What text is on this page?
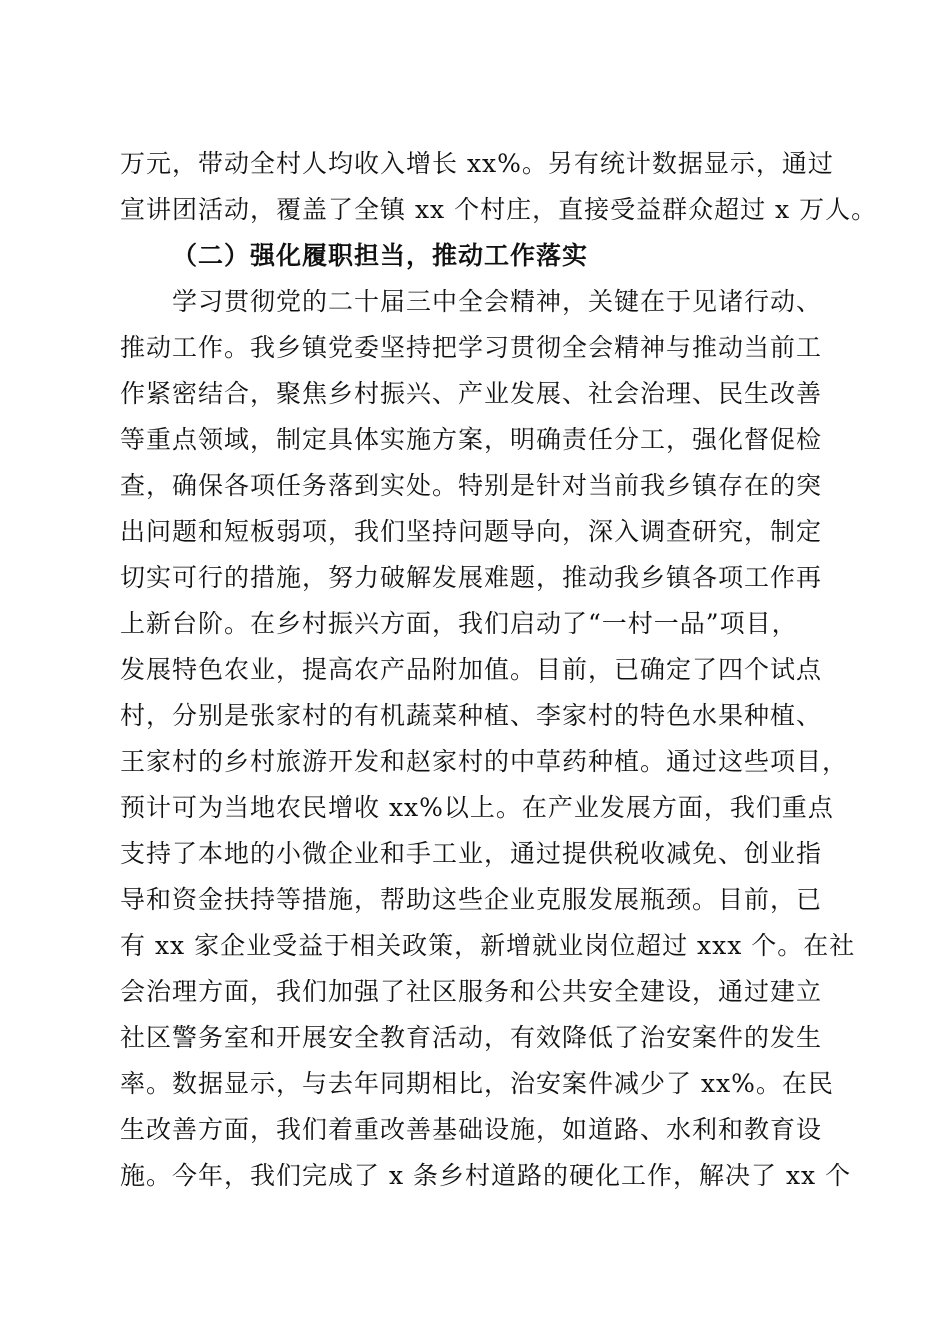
万元，带动全村人均收入增长 xx%。另有统计数据显示，通过
宣讲团活动，覆盖了全镇 xx 个村庄，直接受益群众超过 x 万人。
（二）强化履职担当，推动工作落实
学习贯彻党的二十届三中全会精神，关键在于见诸行动、
推动工作。我乡镇党委坚持把学习贯彻全会精神与推动当前工
作紧密结合，聚焦乡村振兴、产业发展、社会治理、民生改善
等重点领域，制定具体实施方案，明确责任分工，强化督促检
查，确保各项任务落到实处。特别是针对当前我乡镇存在的突
出问题和短板弱项，我们坚持问题导向，深入调查研究，制定
切实可行的措施，努力破解发展难题，推动我乡镇各项工作再
上新台阶。在乡村振兴方面，我们启动了“一村一品”项目，
发展特色农业，提高农产品附加值。目前，已确定了四个试点
村，分别是张家村的有机蔬菜种植、李家村的特色水果种植、
王家村的乡村旅游开发和赵家村的中草药种植。通过这些项目，
预计可为当地农民增收 xx%以上。在产业发展方面，我们重点
支持了本地的小微企业和手工业，通过提供税收减免、创业指
导和资金扶持等措施，帮助这些企业克服发展瓶颈。目前，已
有 xx 家企业受益于相关政策，新增就业岗位超过 xxx 个。在社
会治理方面，我们加强了社区服务和公共安全建设，通过建立
社区警务室和开展安全教育活动，有效降低了治安案件的发生
率。数据显示，与去年同期相比，治安案件减少了 xx%。在民
生改善方面，我们着重改善基础设施，如道路、水利和教育设
施。今年，我们完成了 x 条乡村道路的硬化工作，解决了 xx 个
